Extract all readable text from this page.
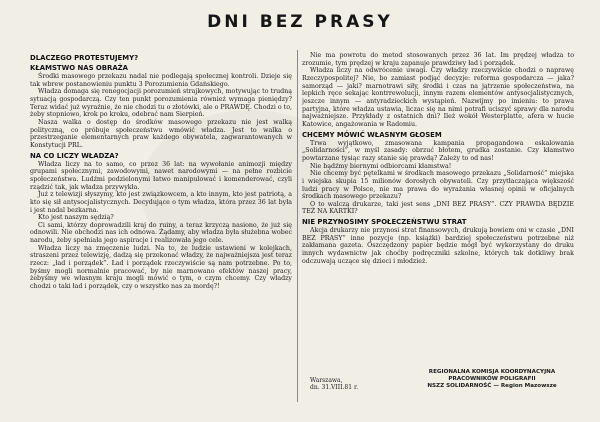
DNI BEZ PRASY
DLACZEGO PROTESTUJEMY?
KŁAMSTWO NAS OBRAŻA

Środki masowego przekazu nadal nie podlegają społecznej kontroli. Dzieje się tak wbrew postanowieniu punktu 3 Porozumienia Gdańskiego.

Władza domaga się renegocjacji porozumień strajkowych, motywując to trudną sytuacją gospodarczą. Czy ten punkt porozumienia również wymaga pieniędzy? Teraz widać już wyraźnie, że nie chodzi tu o złotówki, ale o PRAWDĘ. Chodzi o to, żeby stopniowo, krok po kroku, odebrać nam Sierpień.

Nasza walka o dostęp do środków masowego przekazu nie jest walką polityczną, co próbuje społeczeństwu wmówić władza. Jest to walka o przestrzeganie elementarnych praw każdego obywatela, zagwarantowanych w Konstytucji PRL.

NA CO LICZY WŁADZA?

Władza liczy na to samo, co przez 36 lat: na wywołanie animozji między grupami społecznymi, zawodowymi, nawet narodowymi — na pełne rozbicie społeczeństwa. Ludźmi podzielonymi łatwo manipulować i komenderować, czyli rządzić tak, jak władza przywykła.

Już z telewizji słyszymy, kto jest związkowcem, a kto innym, kto jest patriotą, a kto się sił antysocjalistycznych. Decydujące o tym władza, która przez 36 lat była i jest nadal bezkarna.

Kto jest naszym sędzią?

Ci sami, którzy doprowadzili kraj do ruiny, a teraz krzyczą nasiono, że już się odnowili. Nie obchodzi nas ich odnowa. Żądamy, aby władza była służebna wobec narodu, żeby spełniała jego aspiracje i realizowała jego cele.

Władza liczy na zmęczenie ludzi. Na to, że ludzie ustawieni w kolejkach, straszeni przez telewizję, dadzą się przekonać władzy, że najważniejsza jest teraz rzecz: „ład i porządek”. Ład i porządek rzeczywiście są nam potrzebne. Po to, byśmy mogli normalnie pracować, by nie marnowano efektów naszej pracy, żebyśmy we własnym kraju mogli mówić o tym, o czym chcemy. Czy władzy chodzi o taki ład i porządek, czy o wszystko nas za mordę?!

Nie ma powrotu do metod stosowanych przez 36 lat. Im prędzej władza to zrozumie, tym prędzej w kraju zapanuje prawdziwy ład i porządek.

Władza liczy na odwrócenie uwagi. Czy władzy rzeczywiście chodzi o naprawę Rzeczypospolitej? Nie, bo zamiast podjąć decyzje: reforma gospodarcza — jaka? samorząd — jaki? marnotrawi siły, środki i czas na jątrzenie społeczeństwa, na lepkich ręce sekając kontrrewolucji, innym razem elementów antysocjalistycznych, jeszcze innym — antyradzieckich wystąpień. Nazwijmy po imieniu: to prawa partyjna, które władza ustawia, liczac się na nimi potrafi uciszyć sprawy dla narodu najważniejsze. Przykłady z ostatnich dni? Ileż wokół Westerplatte, afera w hucie Katowice, angażowania w Radomiu.

CHCEMY MÓWIĆ WŁASNYM GŁOSEM

Trwa wyjątkowo, zmasowana kampania propagandowa eskalowania „Solidarności”, w myśl zasady: obrzuć błotem, grudka zostanie. Czy kłamstwo powtarzane tysiąc razy stanie się prawdą? Zależy to od nas!

Nie bądźmy biernymi odbiorcami kłamstwa!

Nie chcemy być pętelkami w środkach masowego przekazu „Solidarność” miejska i wiejska skupia 15 milionów dorosłych obywateli. Czy przytłaczająca większość ludzi pracy w Polsce, nie ma prawa do wyrażania własnej opinii w oficjalnych środkach masowego przekazu?

O to walczą drukarze, taki jest sens „DNI BEZ PRASY”. CZY PRAWDA BĘDZIE TEŻ NA KARTKI?

NIE PRZYNOSIMY SPOŁECZEŃSTWU STRAT

Akcja drukarzy nie przynosi strat finansowych, drukują bowiem oni w czasie „DNI BEZ PRASY” inne pozycje (np. książki) bardziej społeczeństwu potrzebne niż zakłamana gazeta. Oszczędzony papier będzie mógł być wykorzystany do druku innych wydawnictw jak choćby podręczniki szkolne, których tak dotkliwy brak odczuwają uczące się dzieci i młodzież.

Warszawa,
dn. 31.VIII.81 r.
REGIONALNA KOMISJA KOORDYNACYJNA
PRACOWNIKÓW POLIGRAFII
NSZZ SOLIDARNOŚĆ — Region Mazowsze
